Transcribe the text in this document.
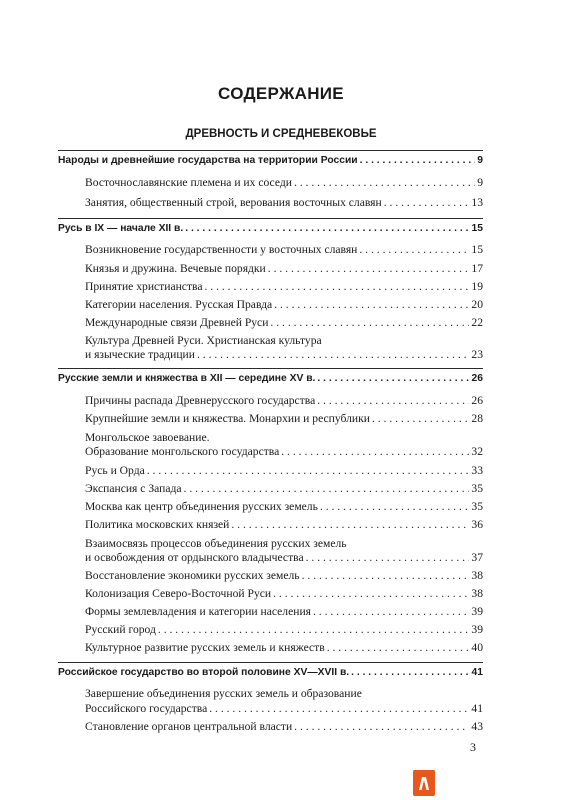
СОДЕРЖАНИЕ
ДРЕВНОСТЬ И СРЕДНЕВЕКОВЬЕ
Народы и древнейшие государства на территории России . . .	9
Восточнославянские племена и их соседи . . .	9
Занятия, общественный строй, верования восточных славян . . .	13
Русь в IX — начале XII в. . . .	15
Возникновение государственности у восточных славян . . .	15
Князья и дружина. Вечевые порядки . . .	17
Принятие христианства . . .	19
Категории населения. Русская Правда . . .	20
Международные связи Древней Руси . . .	22
Культура Древней Руси. Христианская культура
и языческие традиции . . .	23
Русские земли и княжества в XII — середине XV в. . . .	26
Причины распада Древнерусского государства . . .	26
Крупнейшие земли и княжества. Монархии и республики . . .	28
Монгольское завоевание.
Образование монгольского государства . . .	32
Русь и Орда . . .	33
Экспансия с Запада . . .	35
Москва как центр объединения русских земель . . .	35
Политика московских князей . . .	36
Взаимосвязь процессов объединения русских земель
и освобождения от ордынского владычества . . .	37
Восстановление экономики русских земель . . .	38
Колонизация Северо-Восточной Руси . . .	38
Формы землевладения и категории населения . . .	39
Русский город . . .	39
Культурное развитие русских земель и княжеств . . .	40
Российское государство во второй половине XV—XVII в. . . .	41
Завершение объединения русских земель и образование
Российского государства . . .	41
Становление органов центральной власти . . .	43
3
